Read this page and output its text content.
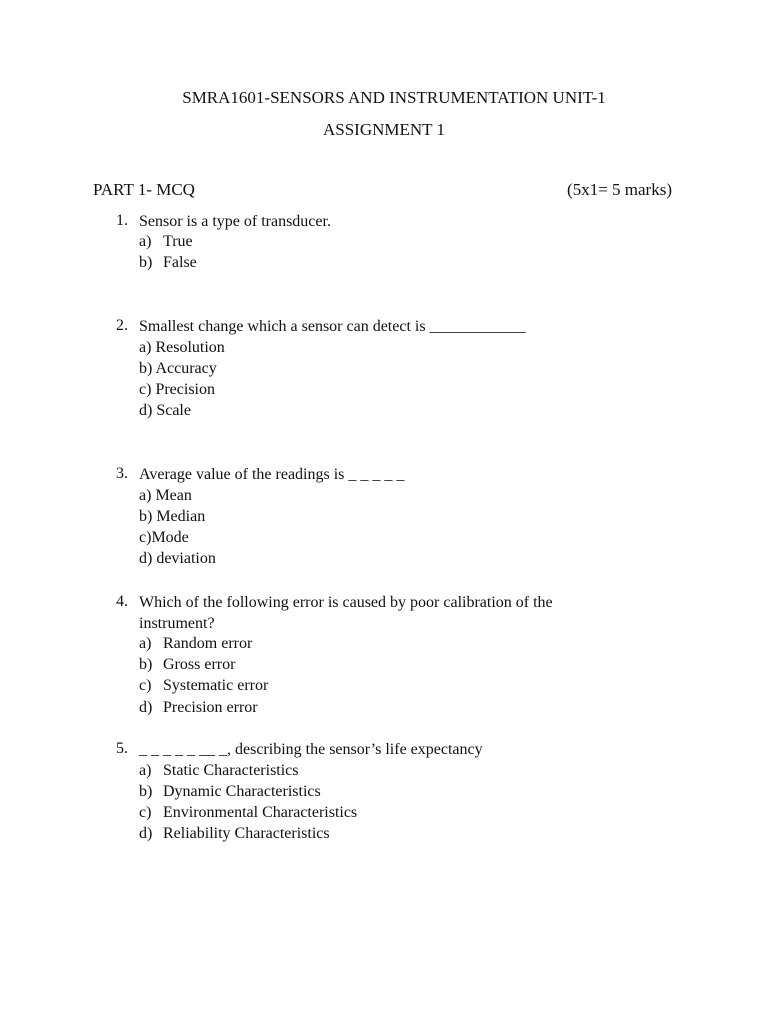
SMRA1601-SENSORS AND INSTRUMENTATION UNIT-1
ASSIGNMENT 1
PART 1- MCQ	(5x1= 5 marks)
1. Sensor is a type of transducer.
a) True
b) False
2. Smallest change which a sensor can detect is ____________
a) Resolution
b) Accuracy
c) Precision
d) Scale
3. Average value of the readings is _ _ _ _ _
a) Mean
b) Median
c)Mode
d) deviation
4. Which of the following error is caused by poor calibration of the
instrument?
a) Random error
b) Gross error
c) Systematic error
d) Precision error
5. _ _ _ _ _ __ _, describing the sensor’s life expectancy
a) Static Characteristics
b) Dynamic Characteristics
c) Environmental Characteristics
d) Reliability Characteristics
